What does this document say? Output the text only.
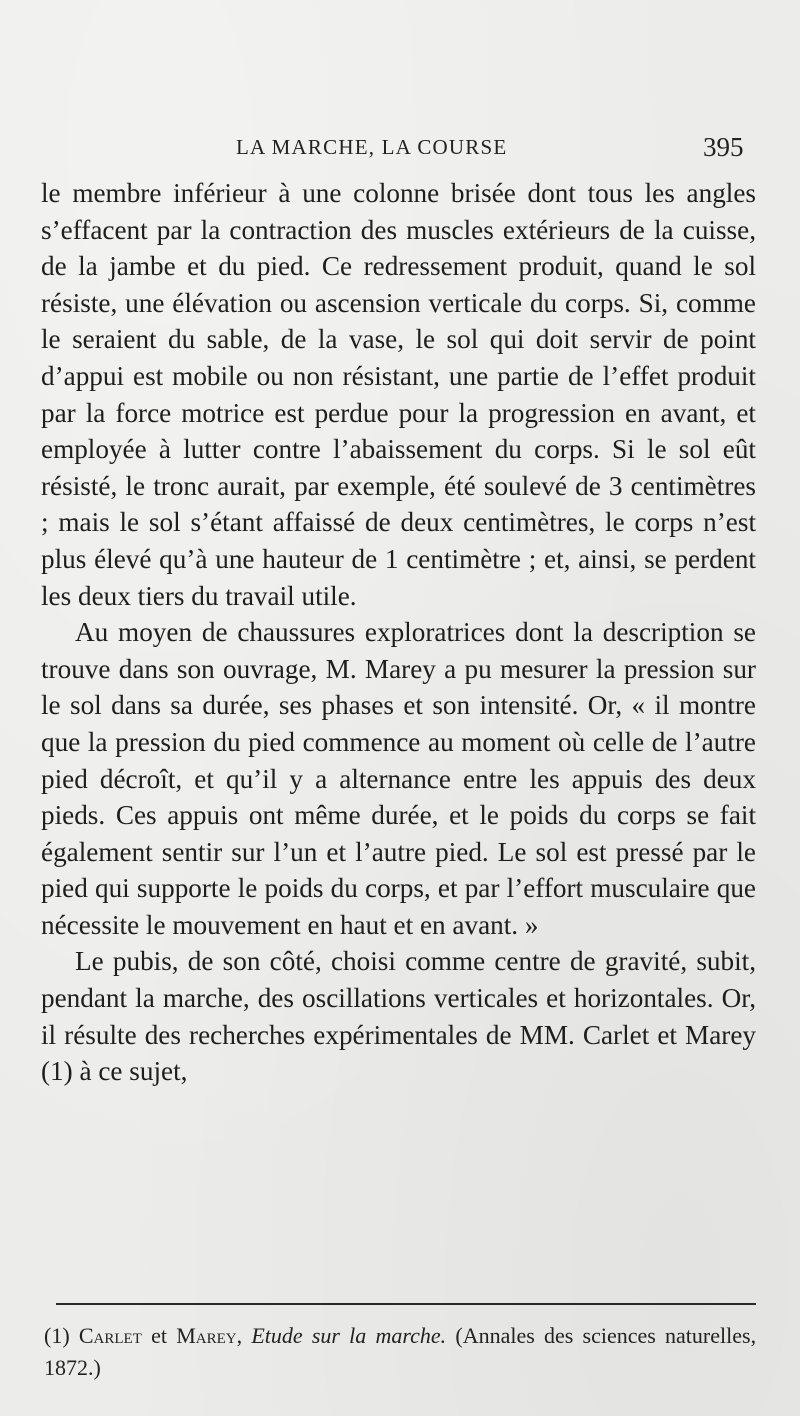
LA MARCHE, LA COURSE	395

le membre inférieur à une colonne brisée dont tous les angles s’effacent par la contraction des muscles extérieurs de la cuisse, de la jambe et du pied. Ce redressement produit, quand le sol résiste, une élévation ou ascension verticale du corps. Si, comme le seraient du sable, de la vase, le sol qui doit servir de point d’appui est mobile ou non résistant, une partie de l’effet produit par la force motrice est perdue pour la progression en avant, et employée à lutter contre l’abaissement du corps. Si le sol eût résisté, le tronc aurait, par exemple, été soulevé de 3 centimètres ; mais le sol s’étant affaissé de deux centimètres, le corps n’est plus élevé qu’à une hauteur de 1 centimètre ; et, ainsi, se perdent les deux tiers du travail utile.

Au moyen de chaussures exploratrices dont la description se trouve dans son ouvrage, M. Marey a pu mesurer la pression sur le sol dans sa durée, ses phases et son intensité. Or, « il montre que la pression du pied commence au moment où celle de l’autre pied décroît, et qu’il y a alternance entre les appuis des deux pieds. Ces appuis ont même durée, et le poids du corps se fait également sentir sur l’un et l’autre pied. Le sol est pressé par le pied qui supporte le poids du corps, et par l’effort musculaire que nécessite le mouvement en haut et en avant. »

Le pubis, de son côté, choisi comme centre de gravité, subit, pendant la marche, des oscillations verticales et horizontales. Or, il résulte des recherches expérimentales de MM. Carlet et Marey (1) à ce sujet,

(1) Carlet et Marey, Etude sur la marche. (Annales des sciences naturelles, 1872.)
